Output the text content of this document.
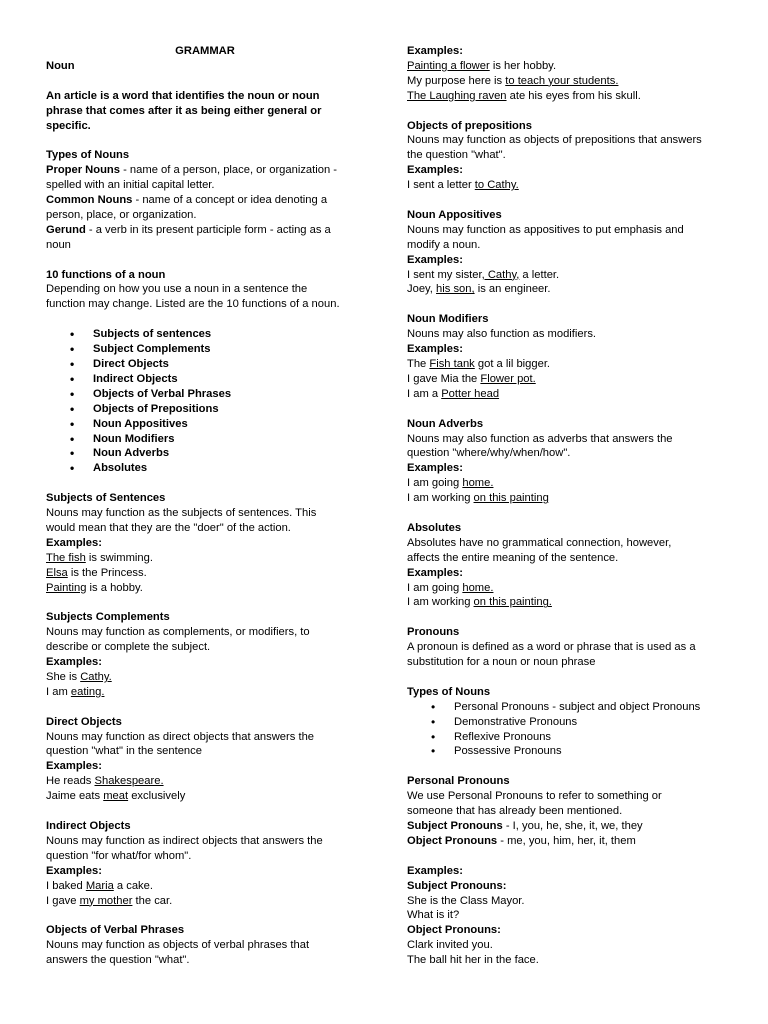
GRAMMAR
Noun
An article is a word that identifies the noun or noun
phrase that comes after it as being either general or
specific.
Types of Nouns
Proper Nouns - name of a person, place, or organization -
spelled with an initial capital letter.
Common Nouns - name of a concept or idea denoting a
person, place, or organization.
Gerund - a verb in its present participle form - acting as a
noun
10 functions of a noun
Depending on how you use a noun in a sentence the
function may change. Listed are the 10 functions of a noun.
• Subjects of sentences
• Subject Complements
• Direct Objects
• Indirect Objects
• Objects of Verbal Phrases
• Objects of Prepositions
• Noun Appositives
• Noun Modifiers
• Noun Adverbs
• Absolutes
Subjects of Sentences
Nouns may function as the subjects of sentences. This
would mean that they are the "doer" of the action.
Examples:
The fish is swimming.
Elsa is the Princess.
Painting is a hobby.
Subjects Complements
Nouns may function as complements, or modifiers, to
describe or complete the subject.
Examples:
She is Cathy.
I am eating.
Direct Objects
Nouns may function as direct objects that answers the
question "what" in the sentence
Examples:
He reads Shakespeare.
Jaime eats meat exclusively
Indirect Objects
Nouns may function as indirect objects that answers the
question "for what/for whom".
Examples:
I baked Maria a cake.
I gave my mother the car.
Objects of Verbal Phrases
Nouns may function as objects of verbal phrases that
answers the question "what".
Examples:
Painting a flower is her hobby.
My purpose here is to teach your students.
The Laughing raven ate his eyes from his skull.
Objects of prepositions
Nouns may function as objects of prepositions that answers
the question "what".
Examples:
I sent a letter to Cathy.
Noun Appositives
Nouns may function as appositives to put emphasis and
modify a noun.
Examples:
I sent my sister, Cathy, a letter.
Joey, his son, is an engineer.
Noun Modifiers
Nouns may also function as modifiers.
Examples:
The Fish tank got a lil bigger.
I gave Mia the Flower pot.
I am a Potter head
Noun Adverbs
Nouns may also function as adverbs that answers the
question "where/why/when/how".
Examples:
I am going home.
I am working on this painting
Absolutes
Absolutes have no grammatical connection, however,
affects the entire meaning of the sentence.
Examples:
I am going home.
I am working on this painting.
Pronouns
A pronoun is defined as a word or phrase that is used as a
substitution for a noun or noun phrase
Types of Nouns
• Personal Pronouns - subject and object Pronouns
• Demonstrative Pronouns
• Reflexive Pronouns
• Possessive Pronouns
Personal Pronouns
We use Personal Pronouns to refer to something or
someone that has already been mentioned.
Subject Pronouns - I, you, he, she, it, we, they
Object Pronouns - me, you, him, her, it, them
Examples:
Subject Pronouns:
She is the Class Mayor.
What is it?
Object Pronouns:
Clark invited you.
The ball hit her in the face.
